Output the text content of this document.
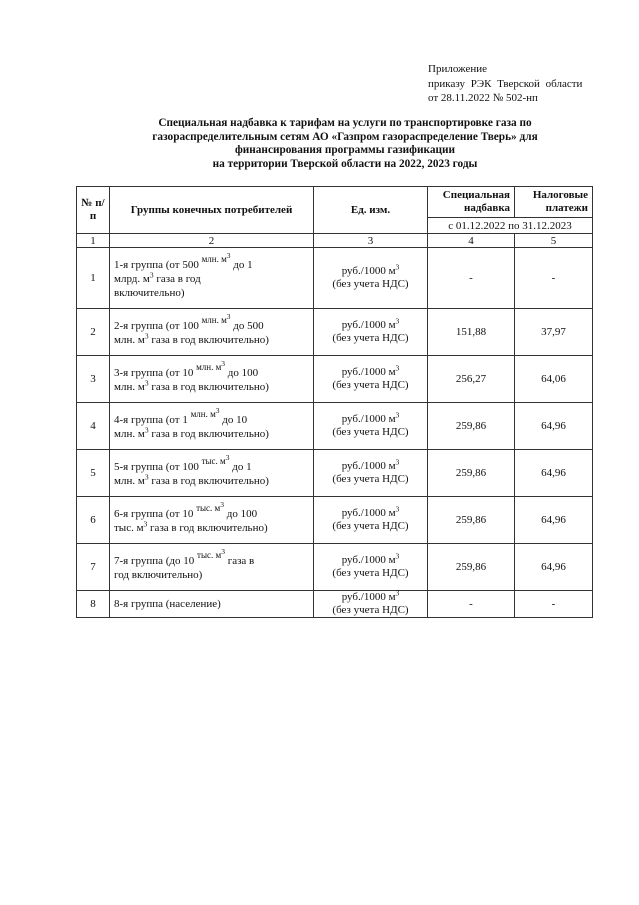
Приложение
приказу РЭК Тверской области
от 28.11.2022 № 502-нп
Специальная надбавка к тарифам на услуги по транспортировке газа по
газораспределительным сетям АО «Газпром газораспределение Тверь» для
финансирования программы газификации
на территории Тверской области на 2022, 2023 годы
№ п/п	Группы конечных потребителей	Ед. изм.	Специальная надбавка	Налоговые платежи
			с 01.12.2022 по 31.12.2023	
1	2	3	4	5
1	1-я группа (от 500 $^{млн. м^3}$ до 1
млрд. $м^3$ газа в год
включительно)	руб./1000 $м^3$
(без учета НДС)	-	-
2	2-я группа (от 100 $^{млн. м^3}$ до 500
млн. $м^3$ газа в год включительно)	руб./1000 $м^3$
(без учета НДС)	151,88	37,97
3	3-я группа (от 10 $^{млн. м^3}$ до 100
млн. $м^3$ газа в год включительно)	руб./1000 $м^3$
(без учета НДС)	256,27	64,06
4	4-я группа (от 1 $^{млн. м^3}$ до 10
млн. $м^3$ газа в год включительно)	руб./1000 $м^3$
(без учета НДС)	259,86	64,96
5	5-я группа (от 100 $^{тыс. м^3}$ до 1
млн. $м^3$ газа в год включительно)	руб./1000 $м^3$
(без учета НДС)	259,86	64,96
6	6-я группа (от 10 $^{тыс. м^3}$ до 100
тыс. $м^3$ газа в год включительно)	руб./1000 $м^3$
(без учета НДС)	259,86	64,96
7	7-я группа (до 10 $^{тыс. м^3}$ газа в
год включительно)	руб./1000 $м^3$
(без учета НДС)	259,86	64,96
8	8-я группа (население)	руб./1000 $м^3$
(без учета НДС)	-	-
